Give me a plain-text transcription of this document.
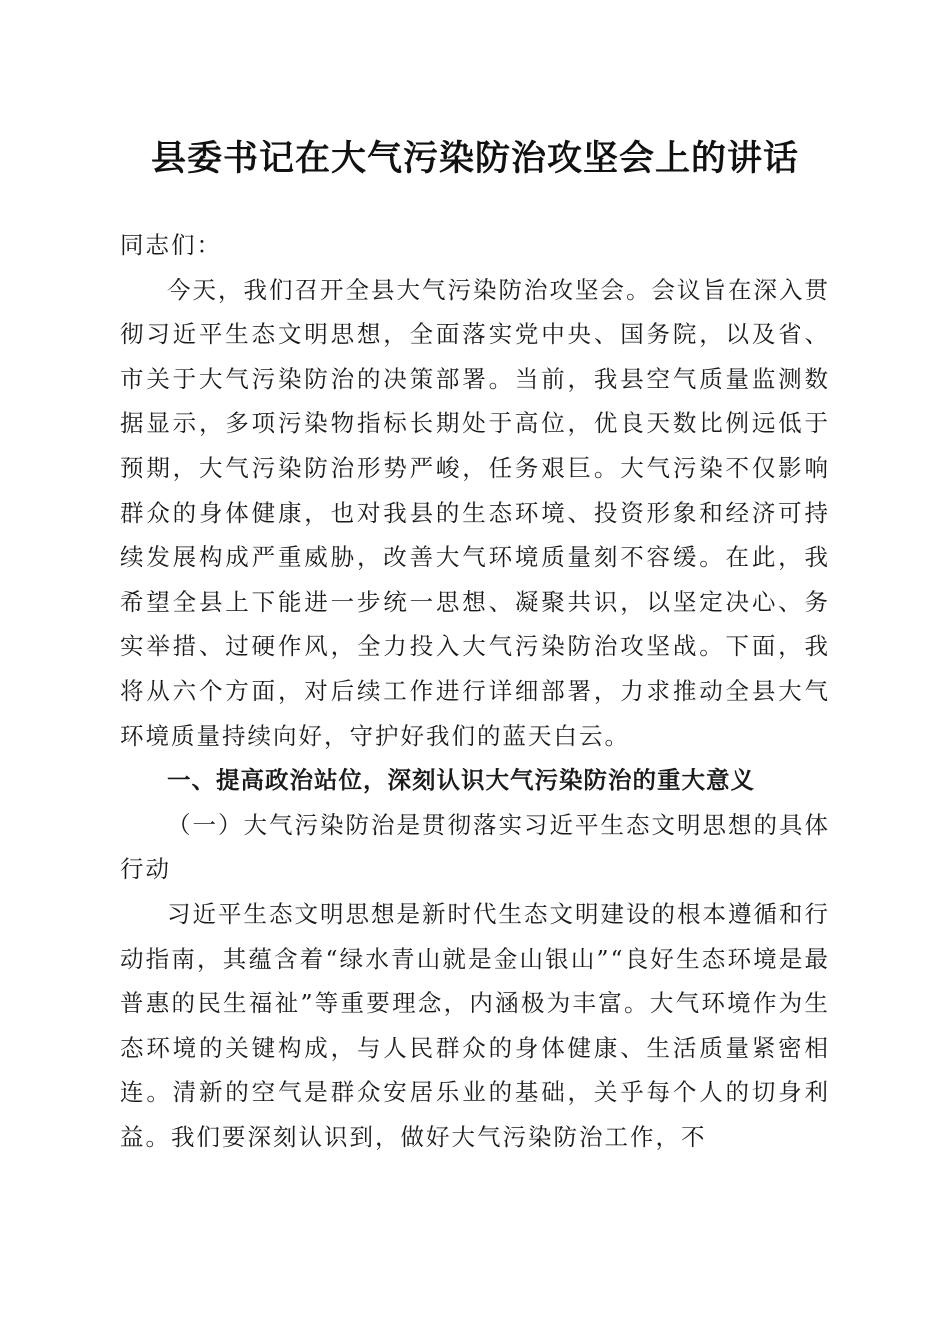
县委书记在大气污染防治攻坚会上的讲话

同志们：

今天，我们召开全县大气污染防治攻坚会。会议旨在深入贯彻习近平生态文明思想，全面落实党中央、国务院，以及省、市关于大气污染防治的决策部署。当前，我县空气质量监测数据显示，多项污染物指标长期处于高位，优良天数比例远低于预期，大气污染防治形势严峻，任务艰巨。大气污染不仅影响群众的身体健康，也对我县的生态环境、投资形象和经济可持续发展构成严重威胁，改善大气环境质量刻不容缓。在此，我希望全县上下能进一步统一思想、凝聚共识，以坚定决心、务实举措、过硬作风，全力投入大气污染防治攻坚战。下面，我将从六个方面，对后续工作进行详细部署，力求推动全县大气环境质量持续向好，守护好我们的蓝天白云。

一、提高政治站位，深刻认识大气污染防治的重大意义

（一）大气污染防治是贯彻落实习近平生态文明思想的具体行动

习近平生态文明思想是新时代生态文明建设的根本遵循和行动指南，其蕴含着“绿水青山就是金山银山”“良好生态环境是最普惠的民生福祉”等重要理念，内涵极为丰富。大气环境作为生态环境的关键构成，与人民群众的身体健康、生活质量紧密相连。清新的空气是群众安居乐业的基础，关乎每个人的切身利益。我们要深刻认识到，做好大气污染防治工作，不
